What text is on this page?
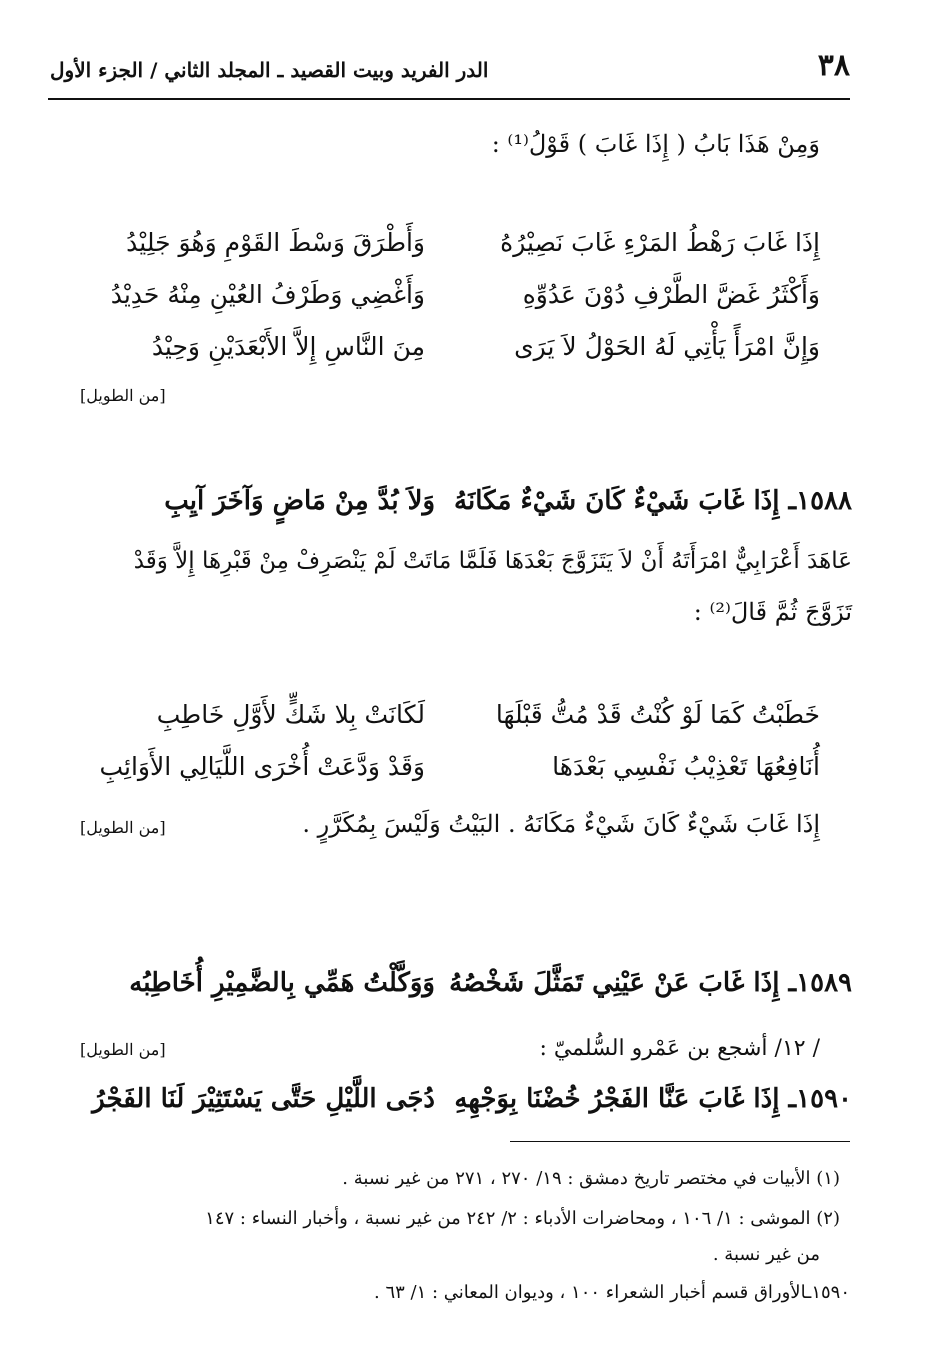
٣٨
الدر الفريد وبيت القصيد ـ المجلد الثاني / الجزء الأول
وَمِنْ هَذَا بَابُ ( إِذَا غَابَ ) قَوْلُ⁽¹⁾ :
إِذَا غَابَ رَهْطُ المَرْءِ غَابَ نَصِيْرُهُ
وَأَطْرَقَ وَسْطَ القَوْمِ وَهُوَ جَلِيْدُ
وَأَكْثَرُ غَضَّ الطَّرْفِ دُوْنَ عَدُوِّهِ
وَأَغْضِي وَطَرْفُ العُيْنِ مِنْهُ حَدِيْدُ
وَإِنَّ امْرَأً يَأْتِي لَهُ الحَوْلُ لاَ يَرَى
مِنَ النَّاسِ إِلاَّ الأَبْعَدَيْنِ وَحِيْدُ
[من الطويل]
١٥٨٨ـ إِذَا غَابَ شَيْءٌ كَانَ شَيْءٌ مَكَانَهُ
وَلاَ بُدَّ مِنْ مَاضٍ وَآخَرَ آيِبِ
عَاهَدَ أَعْرَابِيٌّ امْرَأَتَهُ أَنْ لاَ يَتَزَوَّجَ بَعْدَهَا فَلَمَّا مَاتَتْ لَمْ يَنْصَرِفْ مِنْ قَبْرِهَا إِلاَّ وَقَدْ
تَزَوَّجَ ثُمَّ قَالَ⁽²⁾ :
خَطَبْتُ كَمَا لَوْ كُنْتُ قَدْ مُتُّ قَبْلَهَا
لَكَانَتْ بِلا شَكٍّ لأَوَّلِ خَاطِبِ
أُنَافِعُهَا تَعْذِيْبُ نَفْسِي بَعْدَهَا
وَقَدْ وَدَّعَتْ أُخْرَى اللَّيَالِي الأَوَائِبِ
إِذَا غَابَ شَيْءٌ كَانَ شَيْءٌ مَكَانَهُ . البَيْتُ وَلَيْسَ بِمُكَرَّرٍ .
[من الطويل]
١٥٨٩ـ إِذَا غَابَ عَنْ عَيْنِي تَمَثَّلَ شَخْصُهُ
وَوَكَّلْتُ هَمِّي بِالضَّمِيْرِ أُخَاطِبُه
/ ١٢/ أشجع بن عَمْرو السُّلميّ :
[من الطويل]
١٥٩٠ـ إِذَا غَابَ عَنَّا الفَجْرُ خُضْنَا بِوَجْهِهِ
دُجَى اللَّيْلِ حَتَّى يَسْتَثِيْرَ لَنَا الفَجْرُ
(١) الأبيات في مختصر تاريخ دمشق : ١٩/ ٢٧٠ ، ٢٧١ من غير نسبة .
(٢) الموشى : ١/ ١٠٦ ، ومحاضرات الأدباء : ٢/ ٢٤٢ من غير نسبة ، وأخبار النساء : ١٤٧
من غير نسبة .
١٥٩٠ـالأوراق قسم أخبار الشعراء ١٠٠ ، وديوان المعاني : ١/ ٦٣ .
